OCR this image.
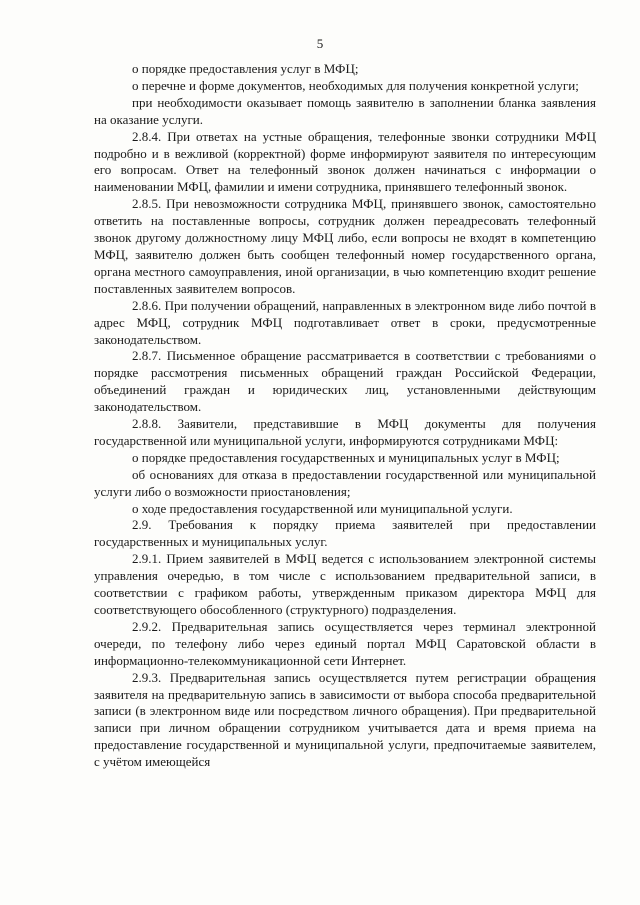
5

о порядке предоставления услуг в МФЦ;

о перечне и форме документов, необходимых для получения конкретной услуги;

при необходимости оказывает помощь заявителю в заполнении бланка заявления на оказание услуги.

2.8.4. При ответах на устные обращения, телефонные звонки сотрудники МФЦ подробно и в вежливой (корректной) форме информируют заявителя по интересующим его вопросам. Ответ на телефонный звонок должен начинаться с информации о наименовании МФЦ, фамилии и имени сотрудника, принявшего телефонный звонок.

2.8.5. При невозможности сотрудника МФЦ, принявшего звонок, самостоятельно ответить на поставленные вопросы, сотрудник должен переадресовать телефонный звонок другому должностному лицу МФЦ либо, если вопросы не входят в компетенцию МФЦ, заявителю должен быть сообщен телефонный номер государственного органа, органа местного самоуправления, иной организации, в чью компетенцию входит решение поставленных заявителем вопросов.

2.8.6. При получении обращений, направленных в электронном виде либо почтой в адрес МФЦ, сотрудник МФЦ подготавливает ответ в сроки, предусмотренные законодательством.

2.8.7. Письменное обращение рассматривается в соответствии с требованиями о порядке рассмотрения письменных обращений граждан Российской Федерации, объединений граждан и юридических лиц, установленными действующим законодательством.

2.8.8. Заявители, представившие в МФЦ документы для получения государственной или муниципальной услуги, информируются сотрудниками МФЦ:

о порядке предоставления государственных и муниципальных услуг в МФЦ;

об основаниях для отказа в предоставлении государственной или муниципальной услуги либо о возможности приостановления;

о ходе предоставления государственной или муниципальной услуги.

2.9. Требования к порядку приема заявителей при предоставлении государственных и муниципальных услуг.

2.9.1. Прием заявителей в МФЦ ведется с использованием электронной системы управления очередью, в том числе с использованием предварительной записи, в соответствии с графиком работы, утвержденным приказом директора МФЦ для соответствующего обособленного (структурного) подразделения.

2.9.2. Предварительная запись осуществляется через терминал электронной очереди, по телефону либо через единый портал МФЦ Саратовской области в информационно-телекоммуникационной сети Интернет.

2.9.3. Предварительная запись осуществляется путем регистрации обращения заявителя на предварительную запись в зависимости от выбора способа предварительной записи (в электронном виде или посредством личного обращения). При предварительной записи при личном обращении сотрудником учитывается дата и время приема на предоставление государственной и муниципальной услуги, предпочитаемые заявителем, с учётом имеющейся
